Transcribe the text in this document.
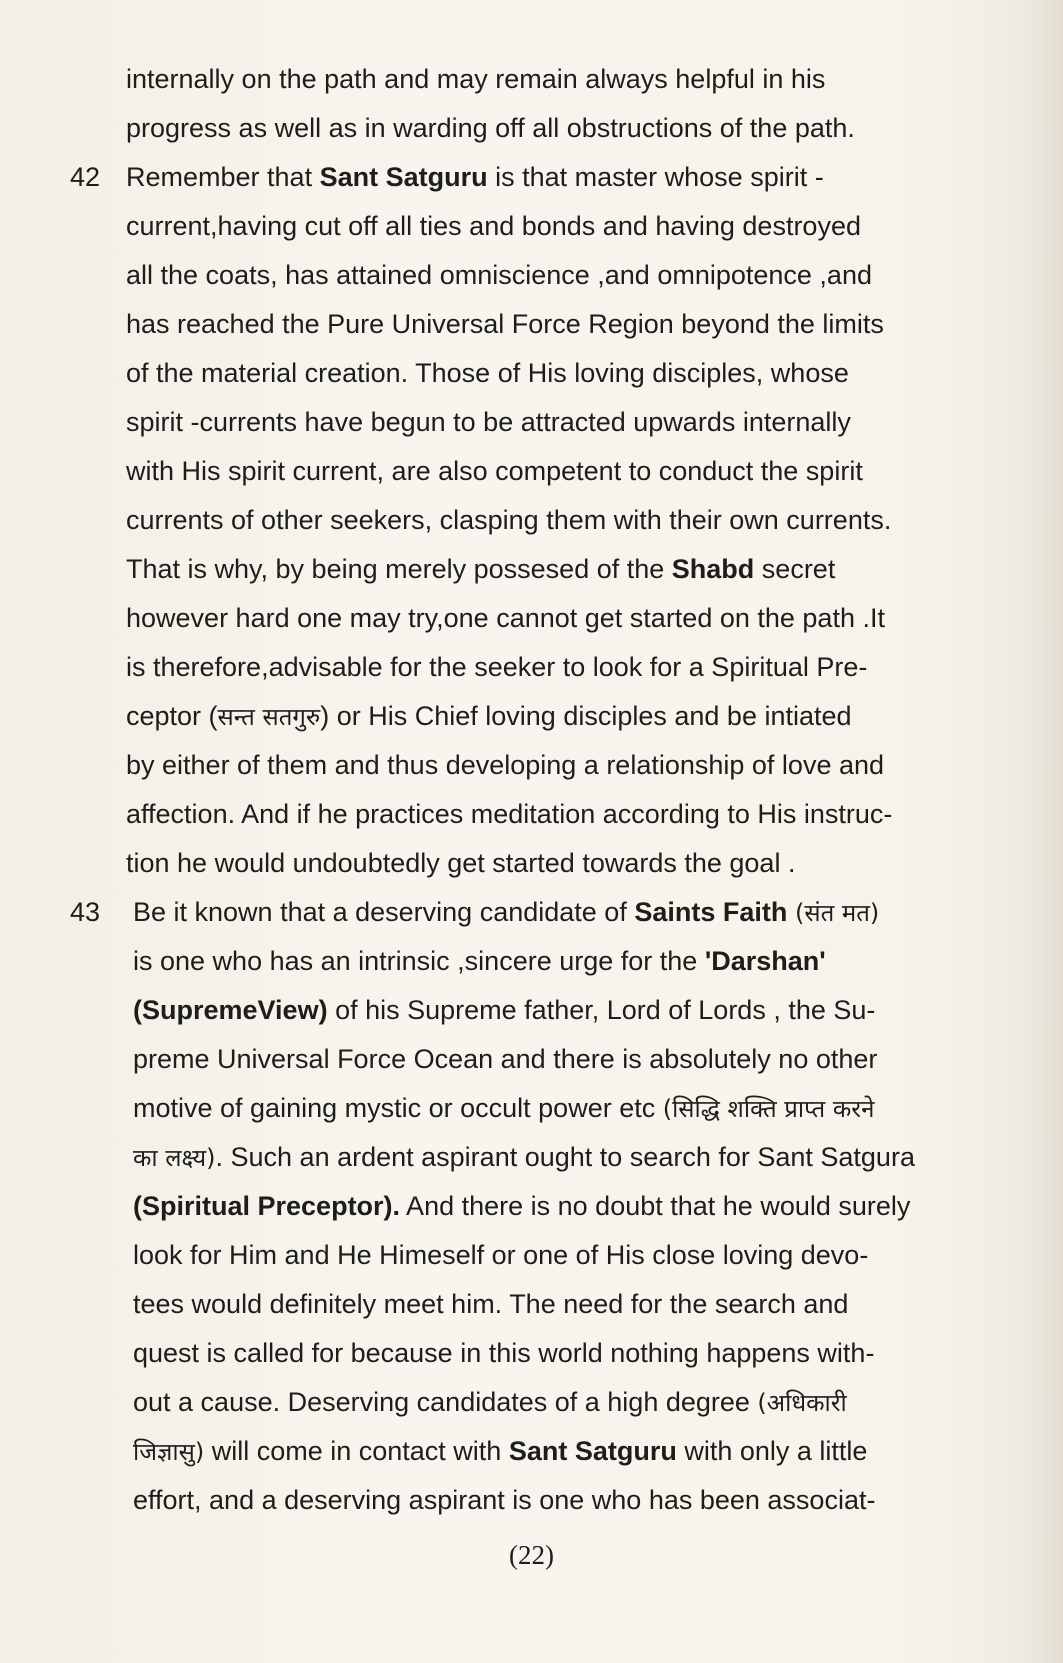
internally on the path and may remain always helpful in his
progress as well as in warding off all obstructions of the path.
42 Remember that Sant Satguru is that master whose spirit -
current,having cut off all ties and bonds and having destroyed
all the coats, has attained omniscience ,and omnipotence ,and
has reached the Pure Universal Force Region beyond the limits
of the material creation. Those of His loving disciples, whose
spirit -currents have begun to be attracted upwards internally
with His spirit current, are also competent to conduct the spirit
currents of other seekers, clasping them with their own currents.
That is why, by being merely possesed of the Shabd secret
however hard one may try,one cannot get started on the path .It
is therefore,advisable for the seeker to look for a Spiritual Pre-
ceptor (सन्त सतगुरु) or His Chief loving disciples and be intiated
by either of them and thus developing a relationship of love and
affection. And if he practices meditation according to His instruc-
tion he would undoubtedly get started towards the goal .
43 Be it known that a deserving candidate of Saints Faith (संत मत)
is one who has an intrinsic ,sincere urge for the 'Darshan'
(SupremeView) of his Supreme father, Lord of Lords , the Su-
preme Universal Force Ocean and there is absolutely no other
motive of gaining mystic or occult power etc (सिद्धि शक्ति प्राप्त करने
का लक्ष्य). Such an ardent aspirant ought to search for Sant Satgura
(Spiritual Preceptor). And there is no doubt that he would surely
look for Him and He Himeself or one of His close loving devo-
tees would definitely meet him. The need for the search and
quest is called for because in this world nothing happens with-
out a cause. Deserving candidates of a high degree (अधिकारी
जिज्ञासु) will come in contact with Sant Satguru with only a little
effort, and a deserving aspirant is one who has been associat-
(22)
